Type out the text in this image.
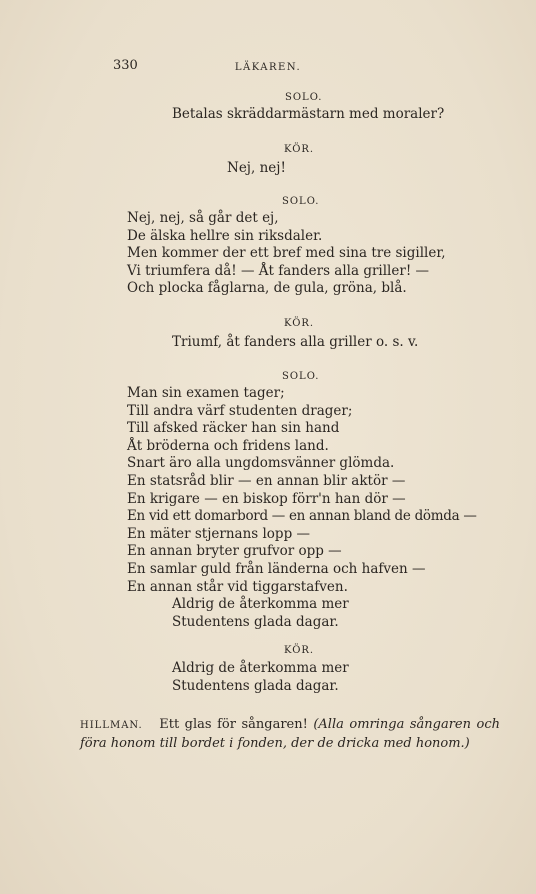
330	LÄKAREN.
SOLO.
Betalas skräddarmästarn med moraler?
KÖR.
Nej, nej!
SOLO.
Nej, nej, så går det ej,
De älska hellre sin riksdaler.
Men kommer der ett bref med sina tre sigiller,
Vi triumfera då! — Åt fanders alla griller! —
Och plocka fåglarna, de gula, gröna, blå.
KÖR.
Triumf, åt fanders alla griller o. s. v.
SOLO.
Man sin examen tager;
Till andra värf studenten drager;
Till afsked räcker han sin hand
Åt bröderna och fridens land.
Snart äro alla ungdomsvänner glömda.
En statsråd blir — en annan blir aktör —
En krigare — en biskop förr'n han dör —
En vid ett domarbord — en annan bland de dömda —
En mäter stjernans lopp —
En annan bryter grufvor opp —
En samlar guld från länderna och hafven —
En annan står vid tiggarstafven.
Aldrig de återkomma mer
Studentens glada dagar.
KÖR.
Aldrig de återkomma mer
Studentens glada dagar.
HILLMAN. Ett glas för sångaren! (Alla omringa sångaren och föra honom till bordet i fonden, der de dricka med honom.)
